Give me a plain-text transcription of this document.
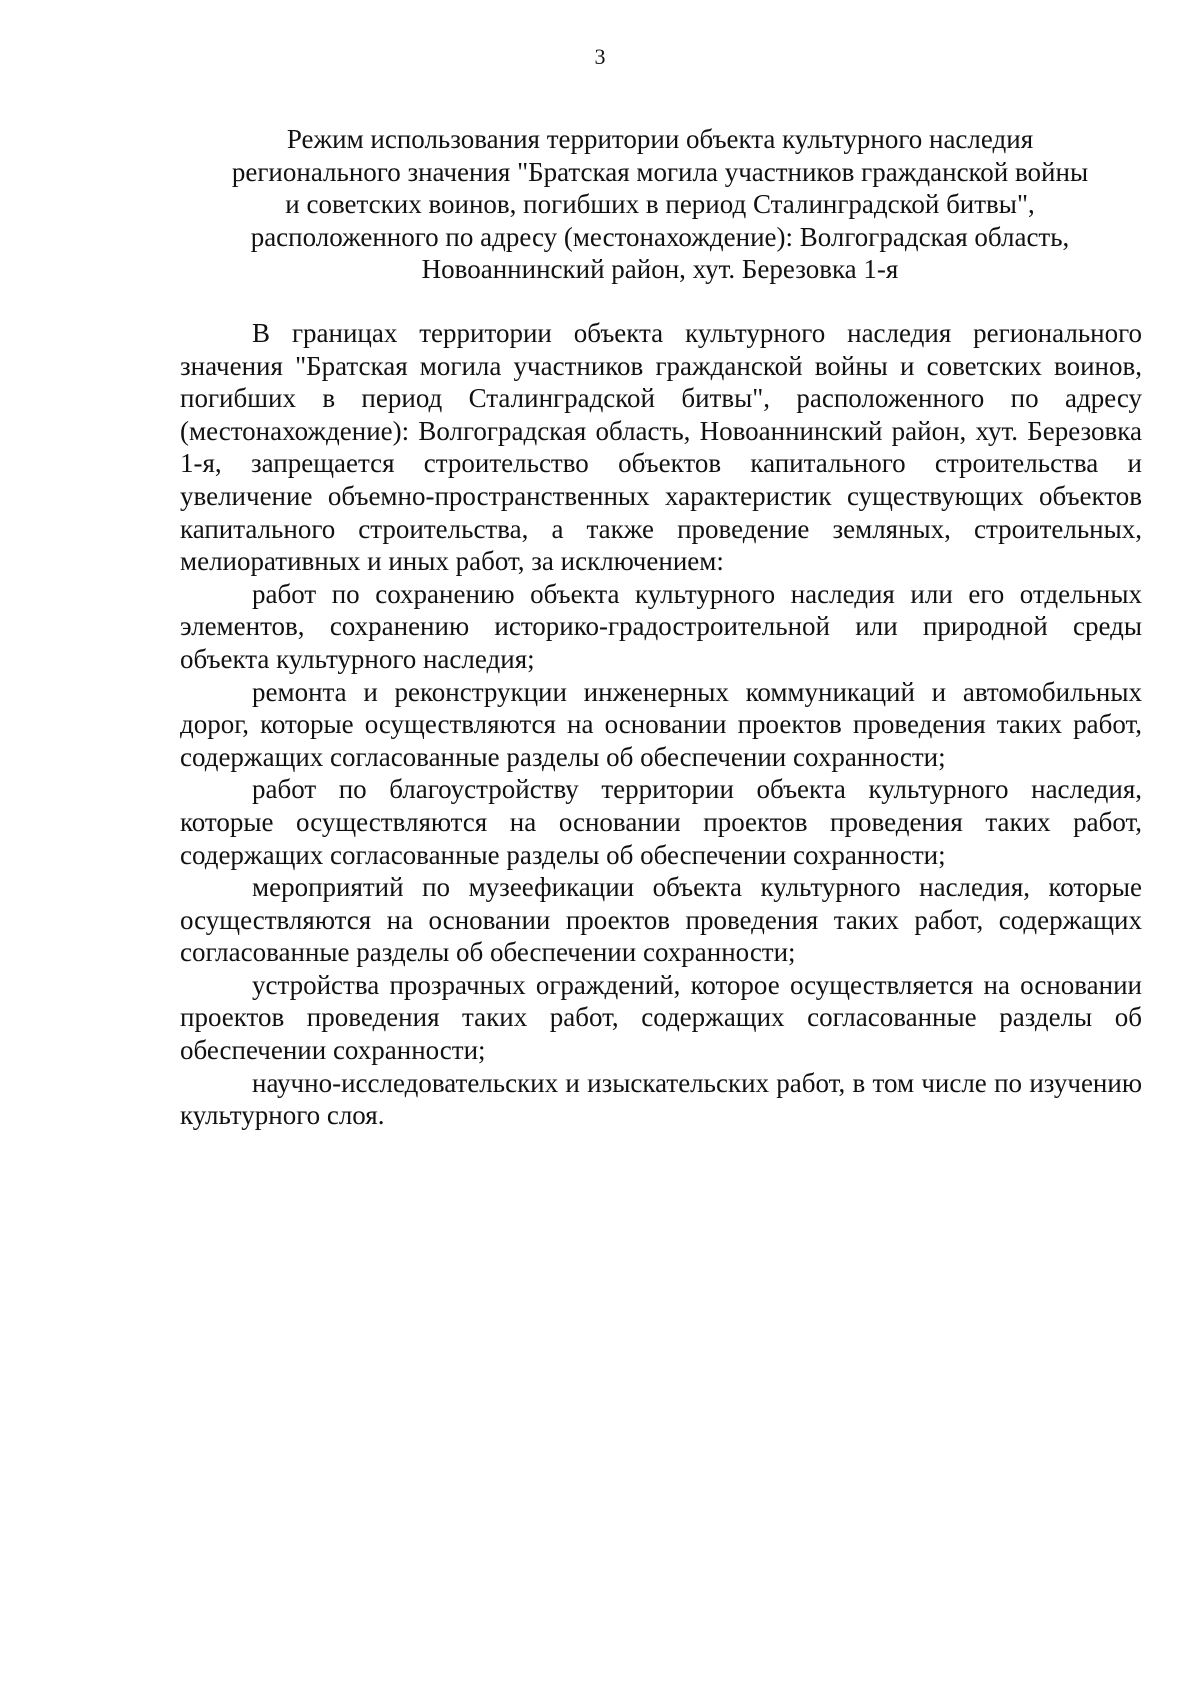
3
Режим использования территории объекта культурного наследия
регионального значения "Братская могила участников гражданской войны
и советских воинов, погибших в период Сталинградской битвы",
расположенного по адресу (местонахождение): Волгоградская область,
Новоаннинский район, хут. Березовка 1-я

В границах территории объекта культурного наследия регионального значения "Братская могила участников гражданской войны и советских воинов, погибших в период Сталинградской битвы", расположенного по адресу (местонахождение): Волгоградская область, Новоаннинский район, хут. Березовка 1-я, запрещается строительство объектов капитального строительства и увеличение объемно-пространственных характеристик существующих объектов капитального строительства, а также проведение земляных, строительных, мелиоративных и иных работ, за исключением:

работ по сохранению объекта культурного наследия или его отдельных элементов, сохранению историко-градостроительной или природной среды объекта культурного наследия;

ремонта и реконструкции инженерных коммуникаций и автомобильных дорог, которые осуществляются на основании проектов проведения таких работ, содержащих согласованные разделы об обеспечении сохранности;

работ по благоустройству территории объекта культурного наследия, которые осуществляются на основании проектов проведения таких работ, содержащих согласованные разделы об обеспечении сохранности;

мероприятий по музеефикации объекта культурного наследия, которые осуществляются на основании проектов проведения таких работ, содержащих согласованные разделы об обеспечении сохранности;

устройства прозрачных ограждений, которое осуществляется на основании проектов проведения таких работ, содержащих согласованные разделы об обеспечении сохранности;

научно-исследовательских и изыскательских работ, в том числе по изучению культурного слоя.
